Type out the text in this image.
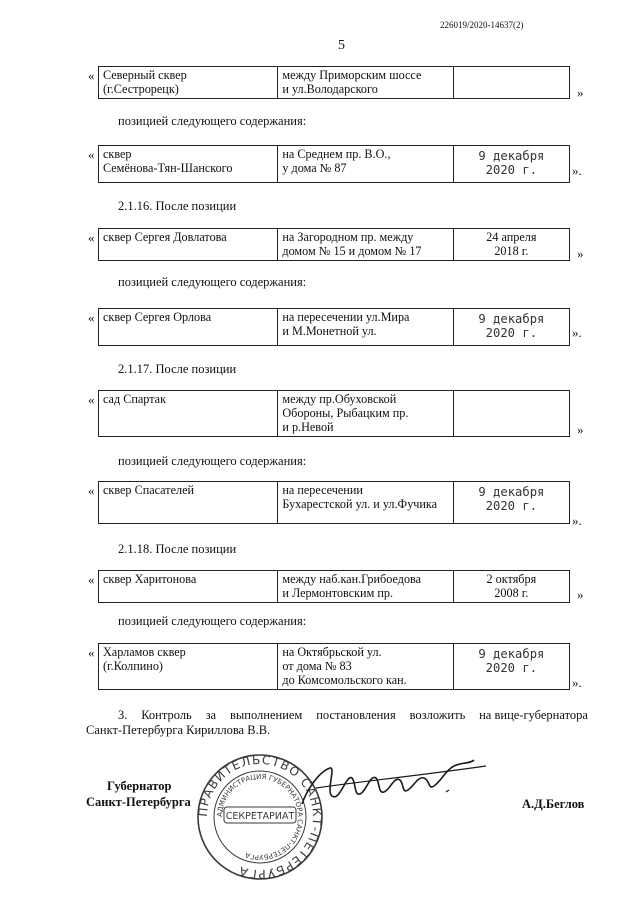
226019/2020-14637(2)
5
« Северный сквер
(г.Сестрорецк)	между Приморским шоссе
и ул.Володарского		»
позицией следующего содержания:
« сквер
Семёнова-Тян-Шанского	на Среднем пр. В.О.,
у дома № 87	9 декабря
2020 г.	».
2.1.16. После позиции
« сквер Сергея Довлатова	на Загородном пр. между
домом № 15 и домом № 17	24 апреля
2018 г.	»
позицией следующего содержания:
« сквер Сергея Орлова	на пересечении ул.Мира
и М.Монетной ул.	9 декабря
2020 г.	».
2.1.17. После позиции
« сад Спартак	между пр.Обуховской
Обороны, Рыбацким пр.
и р.Невой		»
позицией следующего содержания:
« сквер Спасателей	на пересечении
Бухарестской ул. и ул.Фучика	9 декабря
2020 г.
».
2.1.18. После позиции
« сквер Харитонова	между наб.кан.Грибоедова
и Лермонтовским пр.	2 октября
2008 г.	»
позицией следующего содержания:
« Харламов сквер
(г.Колпино)	на Октябрьской ул.
от дома № 83
до Комсомольского кан.	9 декабря
2020 г.
».
3. Контроль за выполнением постановления возложить на вице-губернатора
Санкт-Петербурга Кириллова В.В.
Губернатор
Санкт-Петербурга	А.Д.Беглов
ПРАВИТЕЛЬСТВО САНКТ-ПЕТЕРБУРГА
АДМИНИСТРАЦИЯ ГУБЕРНАТОРА САНКТ-ПЕТЕРБУРГА
СЕКРЕТАРИАТ
